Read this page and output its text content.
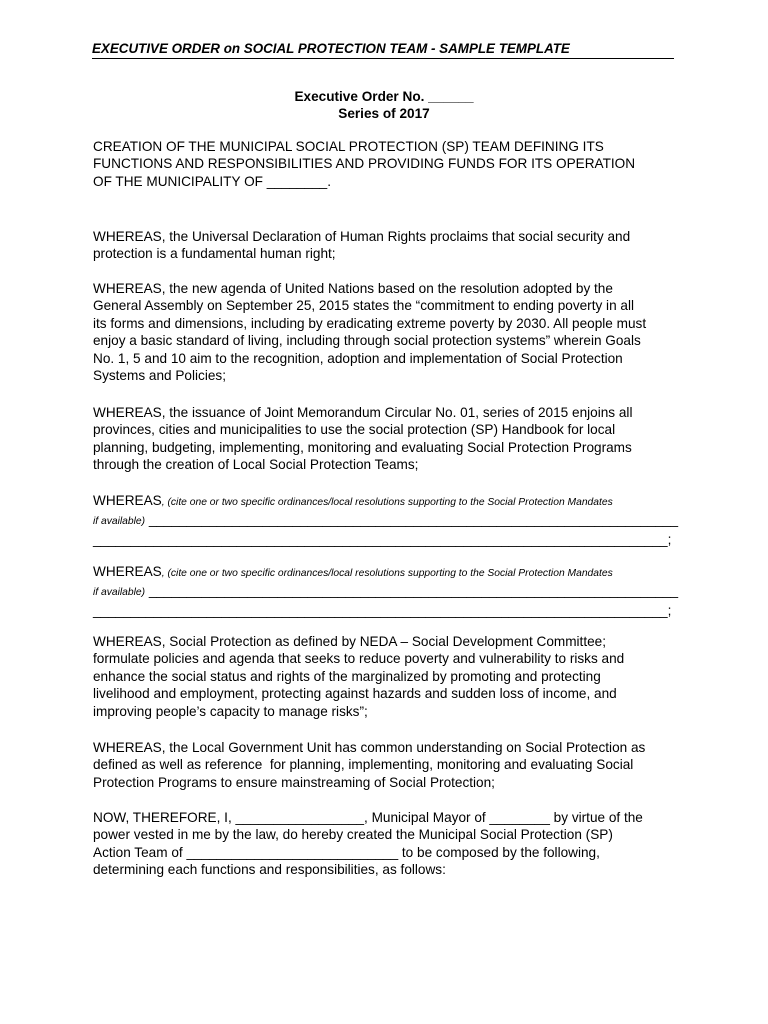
EXECUTIVE ORDER on SOCIAL PROTECTION TEAM - SAMPLE TEMPLATE
Executive Order No. ______
Series of 2017
CREATION OF THE MUNICIPAL SOCIAL PROTECTION (SP) TEAM DEFINING ITS
FUNCTIONS AND RESPONSIBILITIES AND PROVIDING FUNDS FOR ITS OPERATION
OF THE MUNICIPALITY OF ________.
WHEREAS, the Universal Declaration of Human Rights proclaims that social security and
protection is a fundamental human right;
WHEREAS, the new agenda of United Nations based on the resolution adopted by the
General Assembly on September 25, 2015 states the “commitment to ending poverty in all
its forms and dimensions, including by eradicating extreme poverty by 2030. All people must
enjoy a basic standard of living, including through social protection systems” wherein Goals
No. 1, 5 and 10 aim to the recognition, adoption and implementation of Social Protection
Systems and Policies;
WHEREAS, the issuance of Joint Memorandum Circular No. 01, series of 2015 enjoins all
provinces, cities and municipalities to use the social protection (SP) Handbook for local
planning, budgeting, implementing, monitoring and evaluating Social Protection Programs
through the creation of Local Social Protection Teams;
WHEREAS, (cite one or two specific ordinances/local resolutions supporting to the Social Protection Mandates
if available) ______________________________________________________________________
____________________________________________________________________________;
WHEREAS, (cite one or two specific ordinances/local resolutions supporting to the Social Protection Mandates
if available) ______________________________________________________________________
____________________________________________________________________________;
WHEREAS, Social Protection as defined by NEDA – Social Development Committee;
formulate policies and agenda that seeks to reduce poverty and vulnerability to risks and
enhance the social status and rights of the marginalized by promoting and protecting
livelihood and employment, protecting against hazards and sudden loss of income, and
improving people’s capacity to manage risks”;
WHEREAS, the Local Government Unit has common understanding on Social Protection as
defined as well as reference  for planning, implementing, monitoring and evaluating Social
Protection Programs to ensure mainstreaming of Social Protection;
NOW, THEREFORE, I, _________________, Municipal Mayor of ________ by virtue of the
power vested in me by the law, do hereby created the Municipal Social Protection (SP)
Action Team of ____________________________ to be composed by the following,
determining each functions and responsibilities, as follows:
